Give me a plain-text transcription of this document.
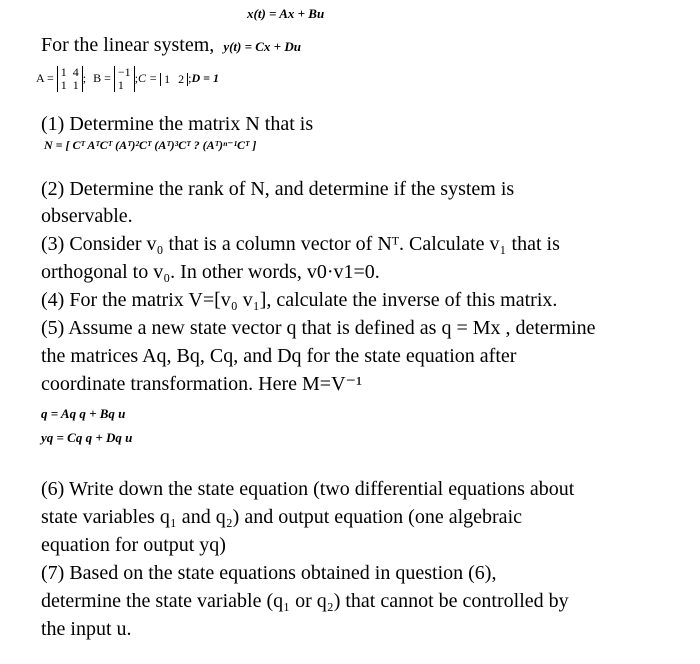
x(t) = Ax + Bu
For the linear system, y(t) = Cx + Du
A = 1 4
1 1
; B = −1
1
;C = 1 2 ;D = 1
(1) Determine the matrix N that is
N = [ Cᵀ AᵀCᵀ (Aᵀ)²Cᵀ (Aᵀ)³Cᵀ ? (Aᵀ)ⁿ⁻¹Cᵀ ]
(2) Determine the rank of N, and determine if the system is
observable.
(3) Consider v₀ that is a column vector of Nᵀ. Calculate v₁ that is
orthogonal to v₀. In other words, v0·v1=0.
(4) For the matrix V=[v₀ v₁], calculate the inverse of this matrix.
(5) Assume a new state vector q that is defined as q = Mx , determine
the matrices Aq, Bq, Cq, and Dq for the state equation after
coordinate transformation. Here M=V⁻¹
q = Aq q + Bq u
yq = Cq q + Dq u
(6) Write down the state equation (two differential equations about
state variables q₁ and q₂) and output equation (one algebraic
equation for output yq)
(7) Based on the state equations obtained in question (6),
determine the state variable (q₁ or q₂) that cannot be controlled by
the input u.
